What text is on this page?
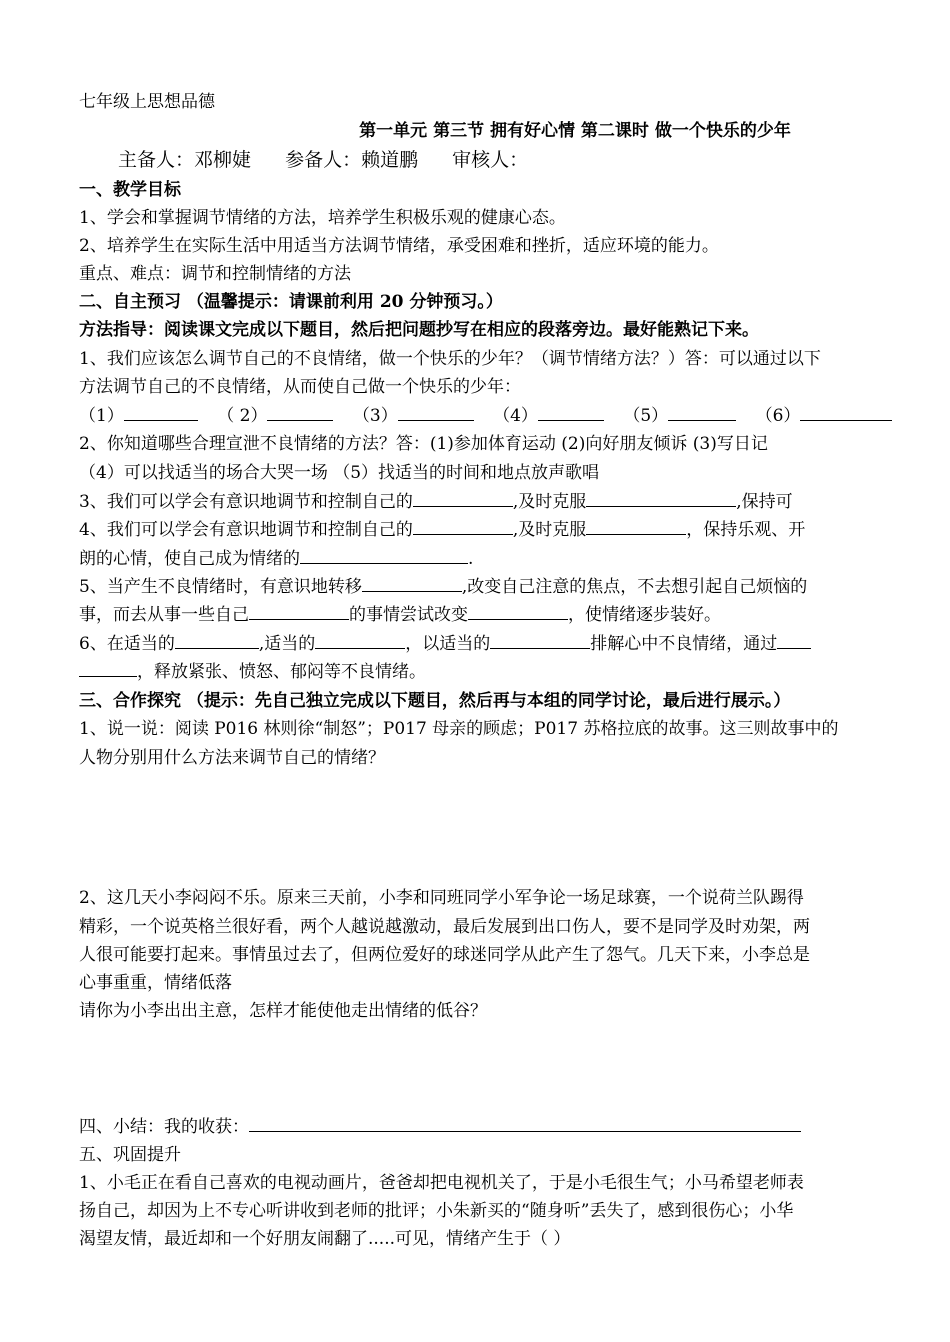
七年级上思想品德
第一单元 第三节 拥有好心情 第二课时 做一个快乐的少年
主备人：邓柳婕 参备人：赖道鹏 审核人：
一、教学目标
1、学会和掌握调节情绪的方法，培养学生积极乐观的健康心态。
2、培养学生在实际生活中用适当方法调节情绪，承受困难和挫折，适应环境的能力。
重点、难点：调节和控制情绪的方法
二、自主预习 （温馨提示：请课前利用 20 分钟预习。）
方法指导：阅读课文完成以下题目，然后把问题抄写在相应的段落旁边。最好能熟记下来。
1、我们应该怎么调节自己的不良情绪，做一个快乐的少年？（调节情绪方法？）答：可以通过以下
方法调节自己的不良情绪，从而使自己做一个快乐的少年：
（1）	（ 2）	（3）	（4）	（5）	（6）
2、你知道哪些合理宣泄不良情绪的方法？答：(1)参加体育运动 (2)向好朋友倾诉 (3)写日记
（4）可以找适当的场合大哭一场 （5）找适当的时间和地点放声歌唱
3、我们可以学会有意识地调节和控制自己的	,及时克服	,保持可
4、我们可以学会有意识地调节和控制自己的	,及时克服	，保持乐观、开
朗的心情，使自己成为情绪的	.
5、当产生不良情绪时，有意识地转移	,改变自己注意的焦点，不去想引起自己烦恼的
事，而去从事一些自己	的事情尝试改变	，使情绪逐步装好。
6、在适当的	,适当的	，以适当的	排解心中不良情绪，通过
，释放紧张、愤怒、郁闷等不良情绪。
三、合作探究 （提示：先自己独立完成以下题目，然后再与本组的同学讨论，最后进行展示。）
1、说一说：阅读 P016 林则徐“制怒”；P017 母亲的顾虑；P017 苏格拉底的故事。这三则故事中的
人物分别用什么方法来调节自己的情绪？
2、这几天小李闷闷不乐。原来三天前，小李和同班同学小军争论一场足球赛，一个说荷兰队踢得
精彩，一个说英格兰很好看，两个人越说越激动，最后发展到出口伤人，要不是同学及时劝架，两
人很可能要打起来。事情虽过去了，但两位爱好的球迷同学从此产生了怨气。几天下来，小李总是
心事重重，情绪低落
请你为小李出出主意，怎样才能使他走出情绪的低谷？
四、小结：我的收获：
五、巩固提升
1、小毛正在看自己喜欢的电视动画片，爸爸却把电视机关了，于是小毛很生气；小马希望老师表
扬自己，却因为上不专心听讲收到老师的批评；小朱新买的“随身听”丢失了，感到很伤心；小华
渴望友情，最近却和一个好朋友闹翻了.....可见，情绪产生于（ ）
